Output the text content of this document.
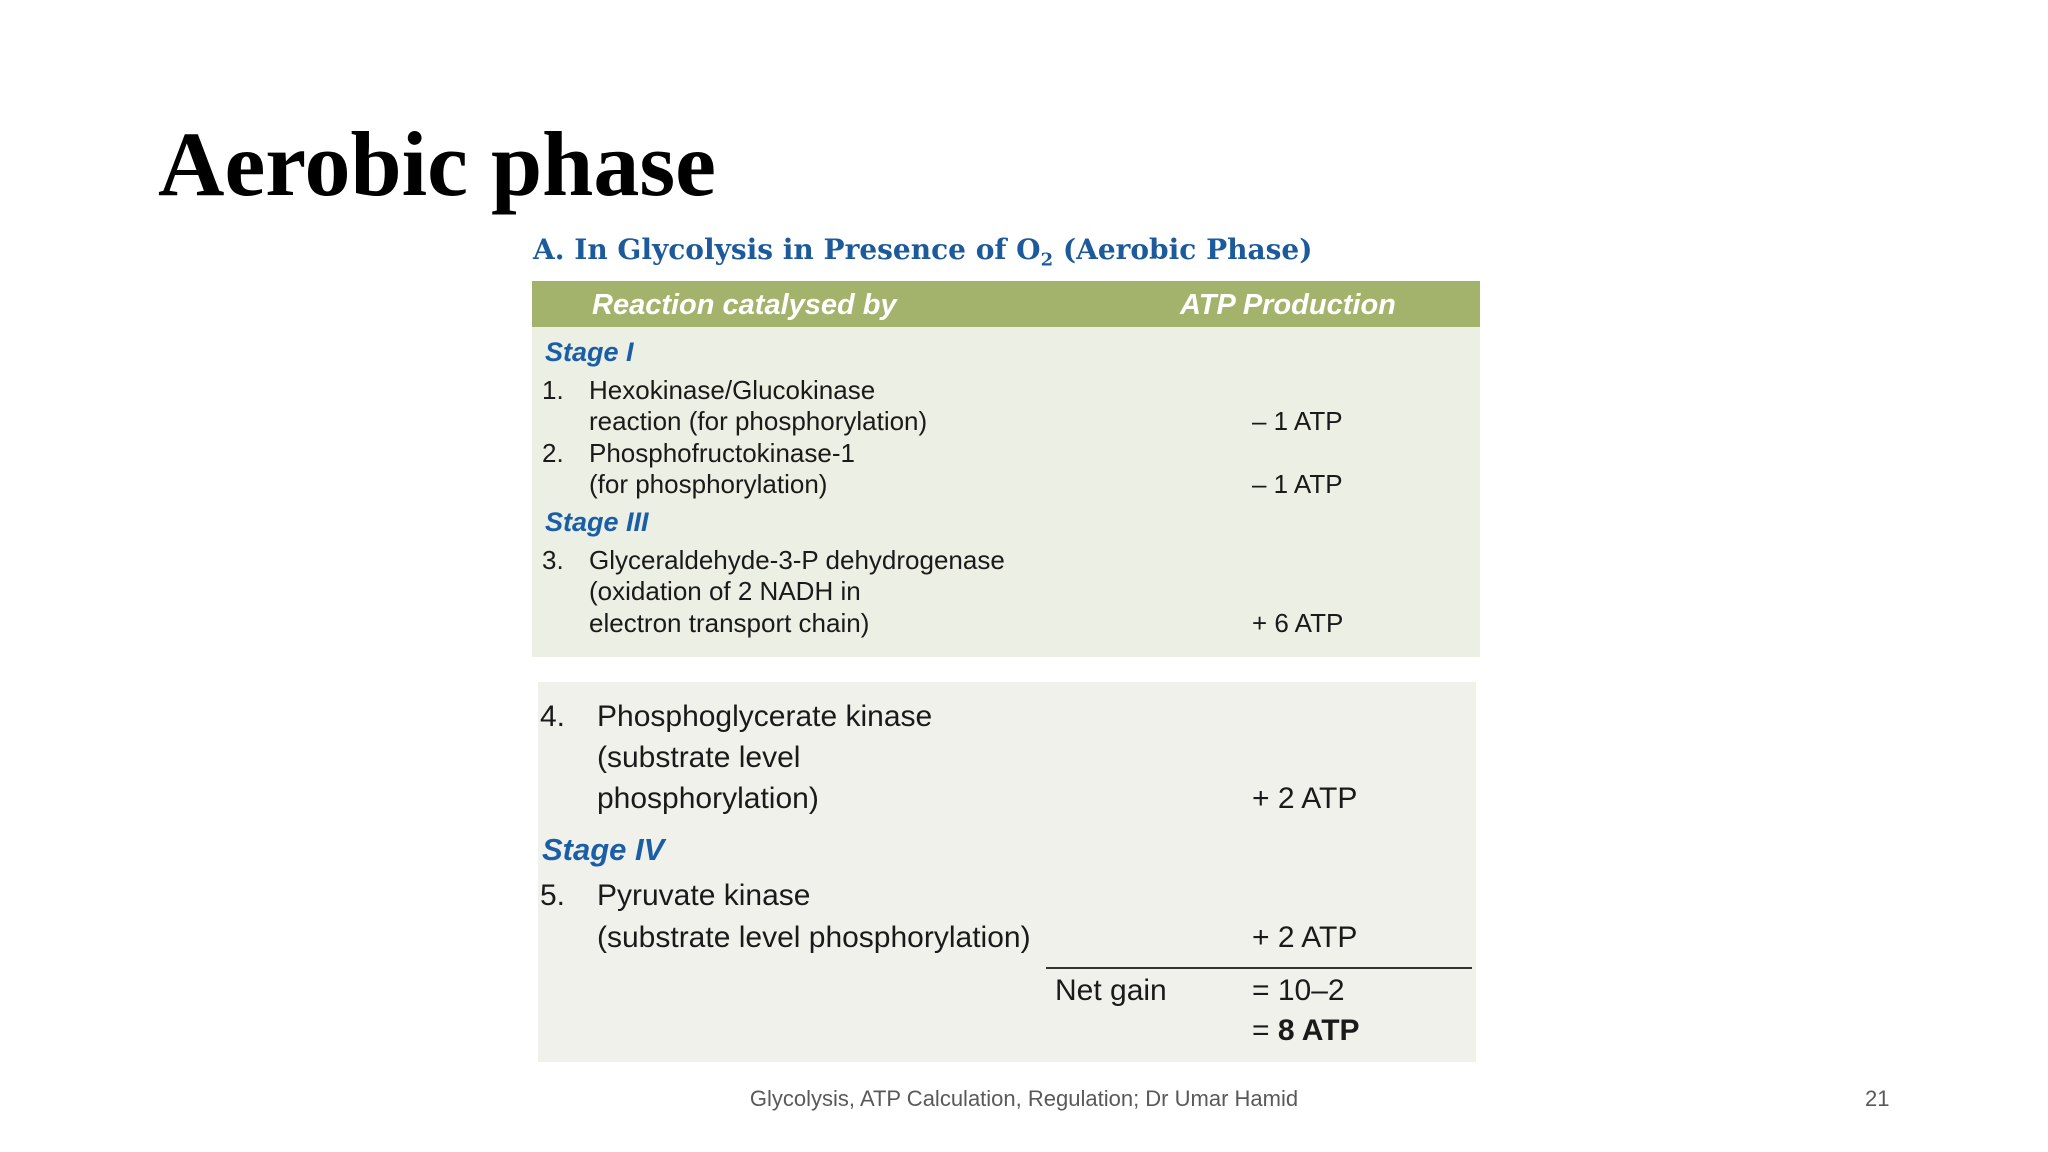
Aerobic phase
A. In Glycolysis in Presence of $O_2$ (Aerobic Phase)
Reaction catalysed by	ATP Production
Stage I
1. Hexokinase/Glucokinase
reaction (for phosphorylation)	– 1 ATP
2. Phosphofructokinase-1
(for phosphorylation)	– 1 ATP
Stage III
3. Glyceraldehyde-3-P dehydrogenase
(oxidation of 2 NADH in
electron transport chain)	+ 6 ATP
4. Phosphoglycerate kinase
(substrate level
phosphorylation)	+ 2 ATP
Stage IV
5. Pyruvate kinase
(substrate level phosphorylation)	+ 2 ATP
Net gain	= 10–2
= 8 ATP
Glycolysis, ATP Calculation, Regulation; Dr Umar Hamid	21
